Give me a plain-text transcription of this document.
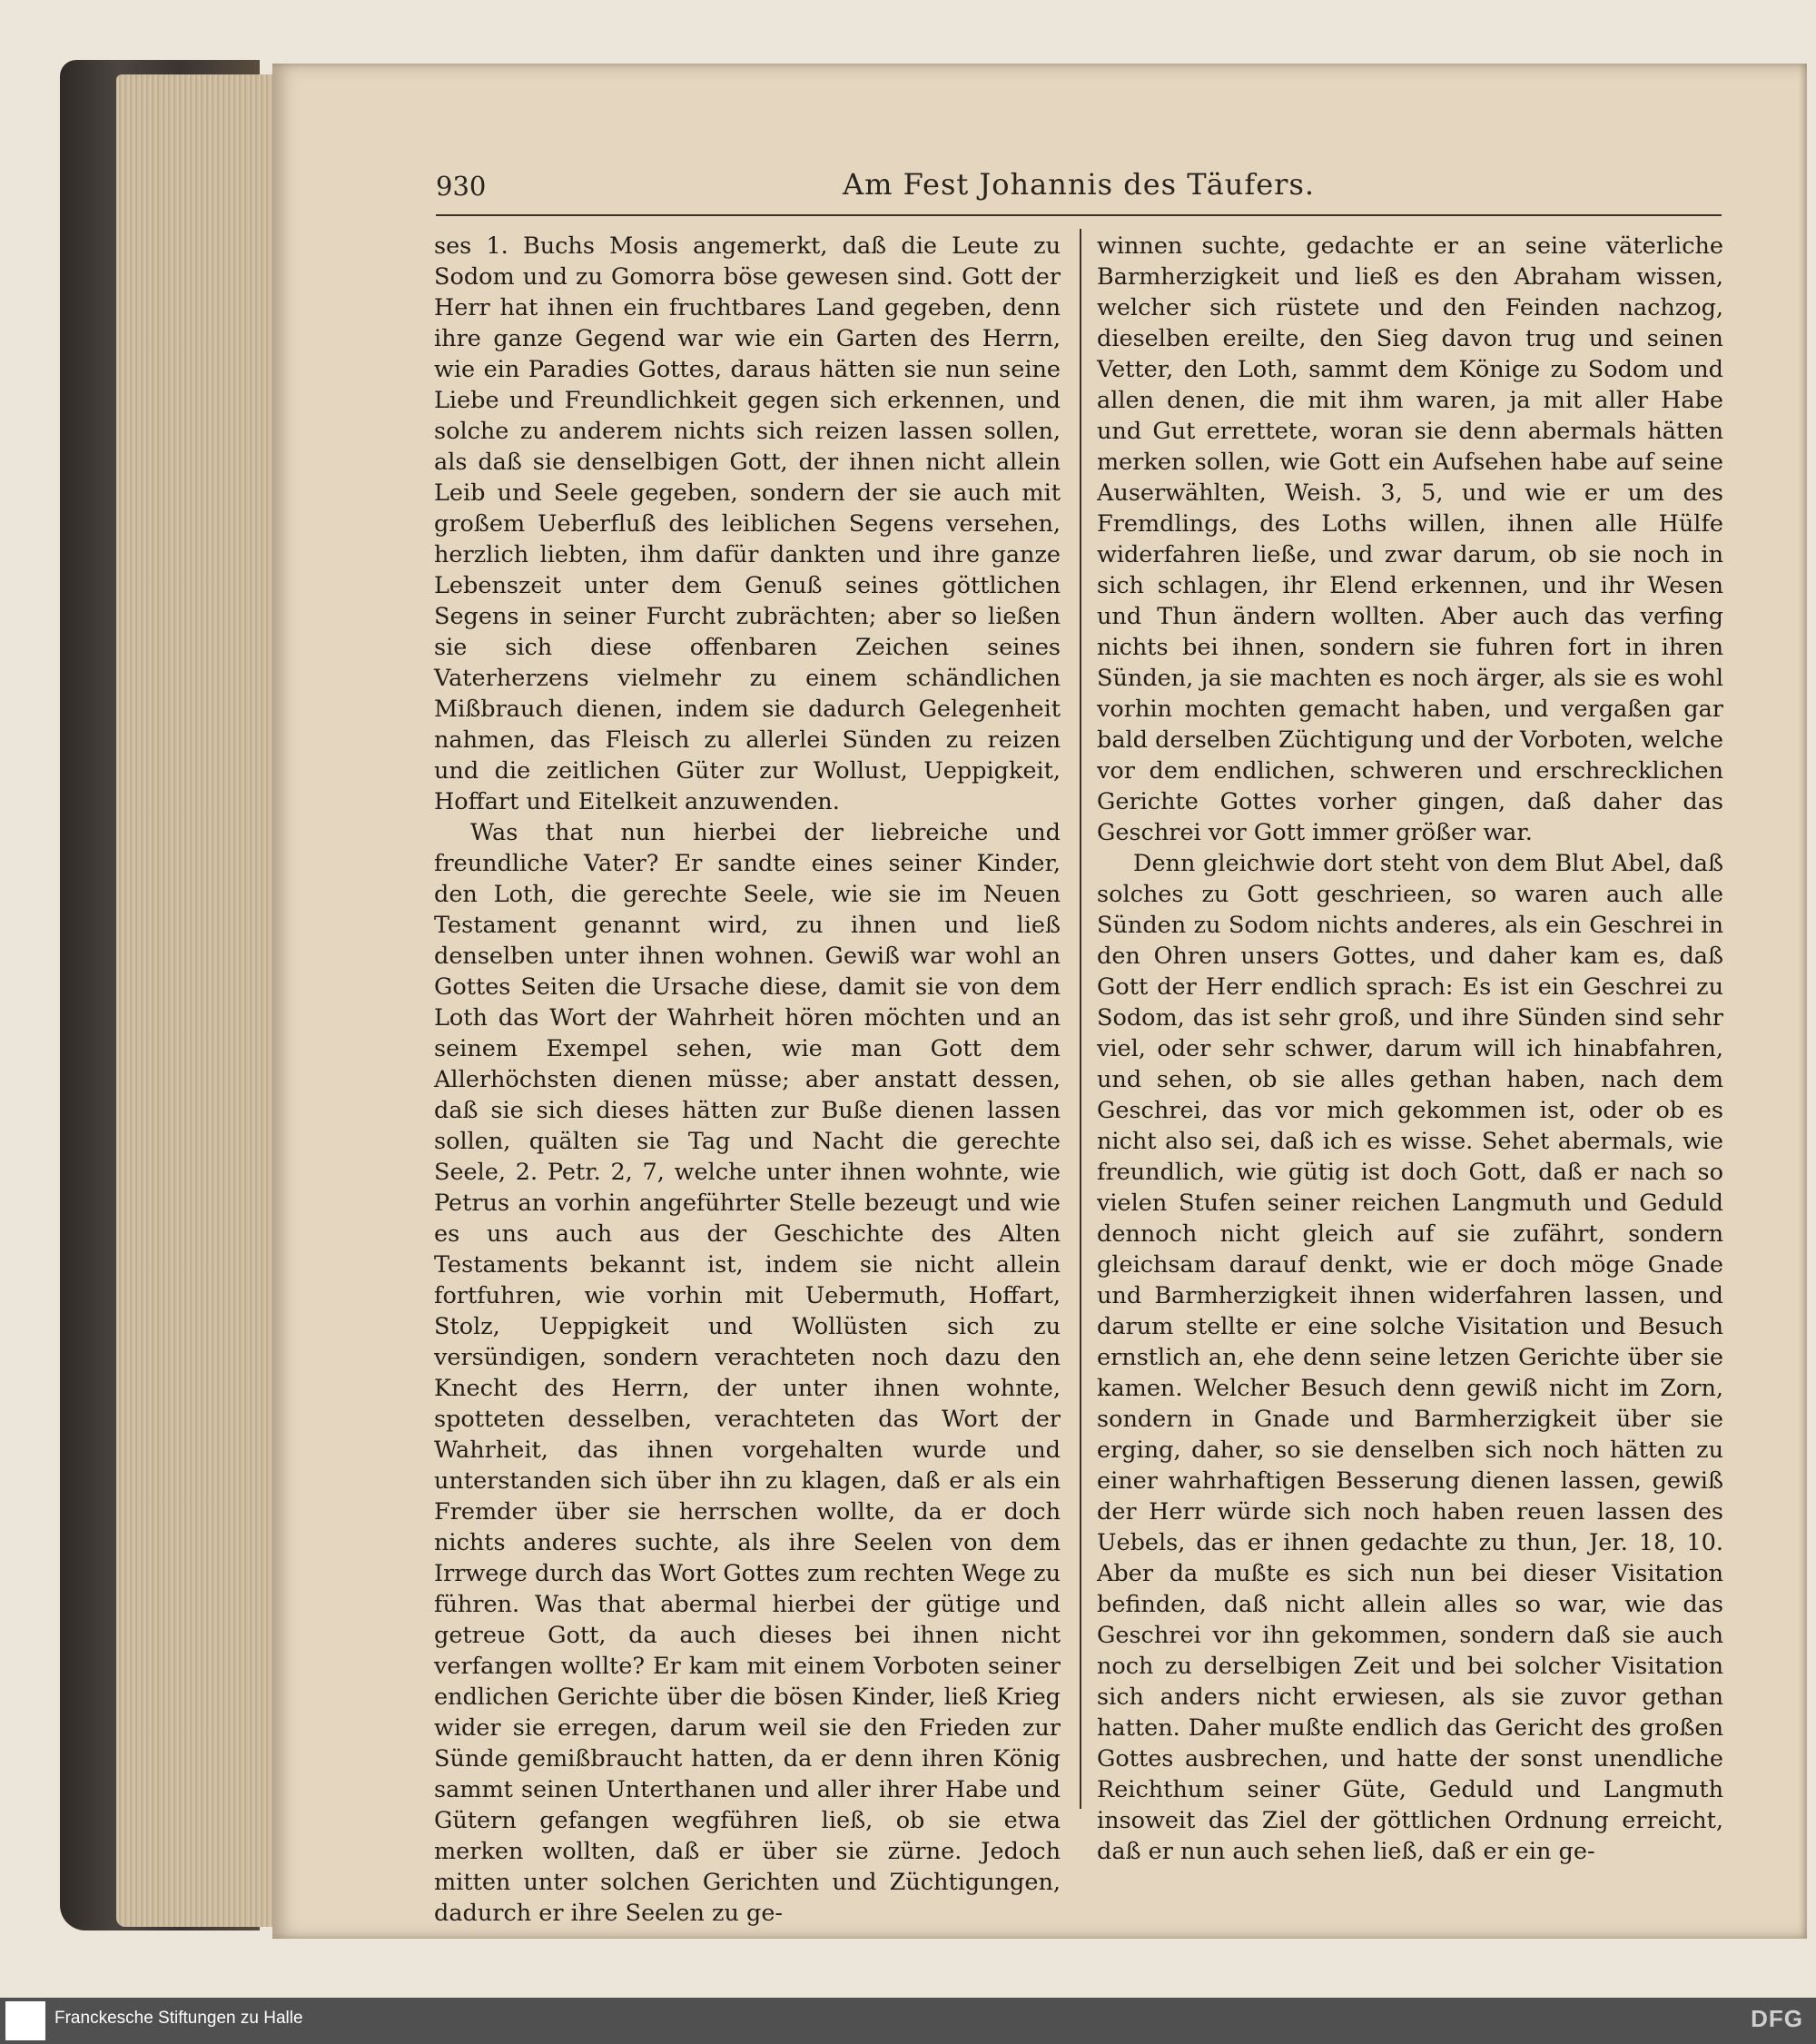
930	Am Fest Johannis des Täufers.

ses 1. Buchs Mosis angemerkt, daß die Leute zu Sodom und zu Gomorra böse gewesen sind. Gott der Herr hat ihnen ein fruchtbares Land gegeben, denn ihre ganze Gegend war wie ein Garten des Herrn, wie ein Paradies Gottes, daraus hätten sie nun seine Liebe und Freundlichkeit gegen sich erkennen, und solche zu anderem nichts sich reizen lassen sollen, als daß sie denselbigen Gott, der ihnen nicht allein Leib und Seele gegeben, sondern der sie auch mit großem Ueberfluß des leiblichen Segens versehen, herzlich liebten, ihm dafür dankten und ihre ganze Lebenszeit unter dem Genuß seines göttlichen Segens in seiner Furcht zubrächten; aber so ließen sie sich diese offenbaren Zeichen seines Vaterherzens vielmehr zu einem schändlichen Mißbrauch dienen, indem sie dadurch Gelegenheit nahmen, das Fleisch zu allerlei Sünden zu reizen und die zeitlichen Güter zur Wollust, Ueppigkeit, Hoffart und Eitelkeit anzuwenden.

Was that nun hierbei der liebreiche und freundliche Vater? Er sandte eines seiner Kinder, den Loth, die gerechte Seele, wie sie im Neuen Testament genannt wird, zu ihnen und ließ denselben unter ihnen wohnen. Gewiß war wohl an Gottes Seiten die Ursache diese, damit sie von dem Loth das Wort der Wahrheit hören möchten und an seinem Exempel sehen, wie man Gott dem Allerhöchsten dienen müsse; aber anstatt dessen, daß sie sich dieses hätten zur Buße dienen lassen sollen, quälten sie Tag und Nacht die gerechte Seele, 2. Petr. 2, 7, welche unter ihnen wohnte, wie Petrus an vorhin angeführter Stelle bezeugt und wie es uns auch aus der Geschichte des Alten Testaments bekannt ist, indem sie nicht allein fortfuhren, wie vorhin mit Uebermuth, Hoffart, Stolz, Ueppigkeit und Wollüsten sich zu versündigen, sondern verachteten noch dazu den Knecht des Herrn, der unter ihnen wohnte, spotteten desselben, verachteten das Wort der Wahrheit, das ihnen vorgehalten wurde und unterstanden sich über ihn zu klagen, daß er als ein Fremder über sie herrschen wollte, da er doch nichts anderes suchte, als ihre Seelen von dem Irrwege durch das Wort Gottes zum rechten Wege zu führen. Was that abermal hierbei der gütige und getreue Gott, da auch dieses bei ihnen nicht verfangen wollte? Er kam mit einem Vorboten seiner endlichen Gerichte über die bösen Kinder, ließ Krieg wider sie erregen, darum weil sie den Frieden zur Sünde gemißbraucht hatten, da er denn ihren König sammt seinen Unterthanen und aller ihrer Habe und Gütern gefangen wegführen ließ, ob sie etwa merken wollten, daß er über sie zürne. Jedoch mitten unter solchen Gerichten und Züchtigungen, dadurch er ihre Seelen zu ge-

winnen suchte, gedachte er an seine väterliche Barmherzigkeit und ließ es den Abraham wissen, welcher sich rüstete und den Feinden nachzog, dieselben ereilte, den Sieg davon trug und seinen Vetter, den Loth, sammt dem Könige zu Sodom und allen denen, die mit ihm waren, ja mit aller Habe und Gut errettete, woran sie denn abermals hätten merken sollen, wie Gott ein Aufsehen habe auf seine Auserwählten, Weish. 3, 5, und wie er um des Fremdlings, des Loths willen, ihnen alle Hülfe widerfahren ließe, und zwar darum, ob sie noch in sich schlagen, ihr Elend erkennen, und ihr Wesen und Thun ändern wollten. Aber auch das verfing nichts bei ihnen, sondern sie fuhren fort in ihren Sünden, ja sie machten es noch ärger, als sie es wohl vorhin mochten gemacht haben, und vergaßen gar bald derselben Züchtigung und der Vorboten, welche vor dem endlichen, schweren und erschrecklichen Gerichte Gottes vorher gingen, daß daher das Geschrei vor Gott immer größer war.

Denn gleichwie dort steht von dem Blut Abel, daß solches zu Gott geschrieen, so waren auch alle Sünden zu Sodom nichts anderes, als ein Geschrei in den Ohren unsers Gottes, und daher kam es, daß Gott der Herr endlich sprach: Es ist ein Geschrei zu Sodom, das ist sehr groß, und ihre Sünden sind sehr viel, oder sehr schwer, darum will ich hinabfahren, und sehen, ob sie alles gethan haben, nach dem Geschrei, das vor mich gekommen ist, oder ob es nicht also sei, daß ich es wisse. Sehet abermals, wie freundlich, wie gütig ist doch Gott, daß er nach so vielen Stufen seiner reichen Langmuth und Geduld dennoch nicht gleich auf sie zufährt, sondern gleichsam darauf denkt, wie er doch möge Gnade und Barmherzigkeit ihnen widerfahren lassen, und darum stellte er eine solche Visitation und Besuch ernstlich an, ehe denn seine letzen Gerichte über sie kamen. Welcher Besuch denn gewiß nicht im Zorn, sondern in Gnade und Barmherzigkeit über sie erging, daher, so sie denselben sich noch hätten zu einer wahrhaftigen Besserung dienen lassen, gewiß der Herr würde sich noch haben reuen lassen des Uebels, das er ihnen gedachte zu thun, Jer. 18, 10. Aber da mußte es sich nun bei dieser Visitation befinden, daß nicht allein alles so war, wie das Geschrei vor ihn gekommen, sondern daß sie auch noch zu derselbigen Zeit und bei solcher Visitation sich anders nicht erwiesen, als sie zuvor gethan hatten. Daher mußte endlich das Gericht des großen Gottes ausbrechen, und hatte der sonst unendliche Reichthum seiner Güte, Geduld und Langmuth insoweit das Ziel der göttlichen Ordnung erreicht, daß er nun auch sehen ließ, daß er ein ge-

Franckesche Stiftungen zu Halle	DFG
